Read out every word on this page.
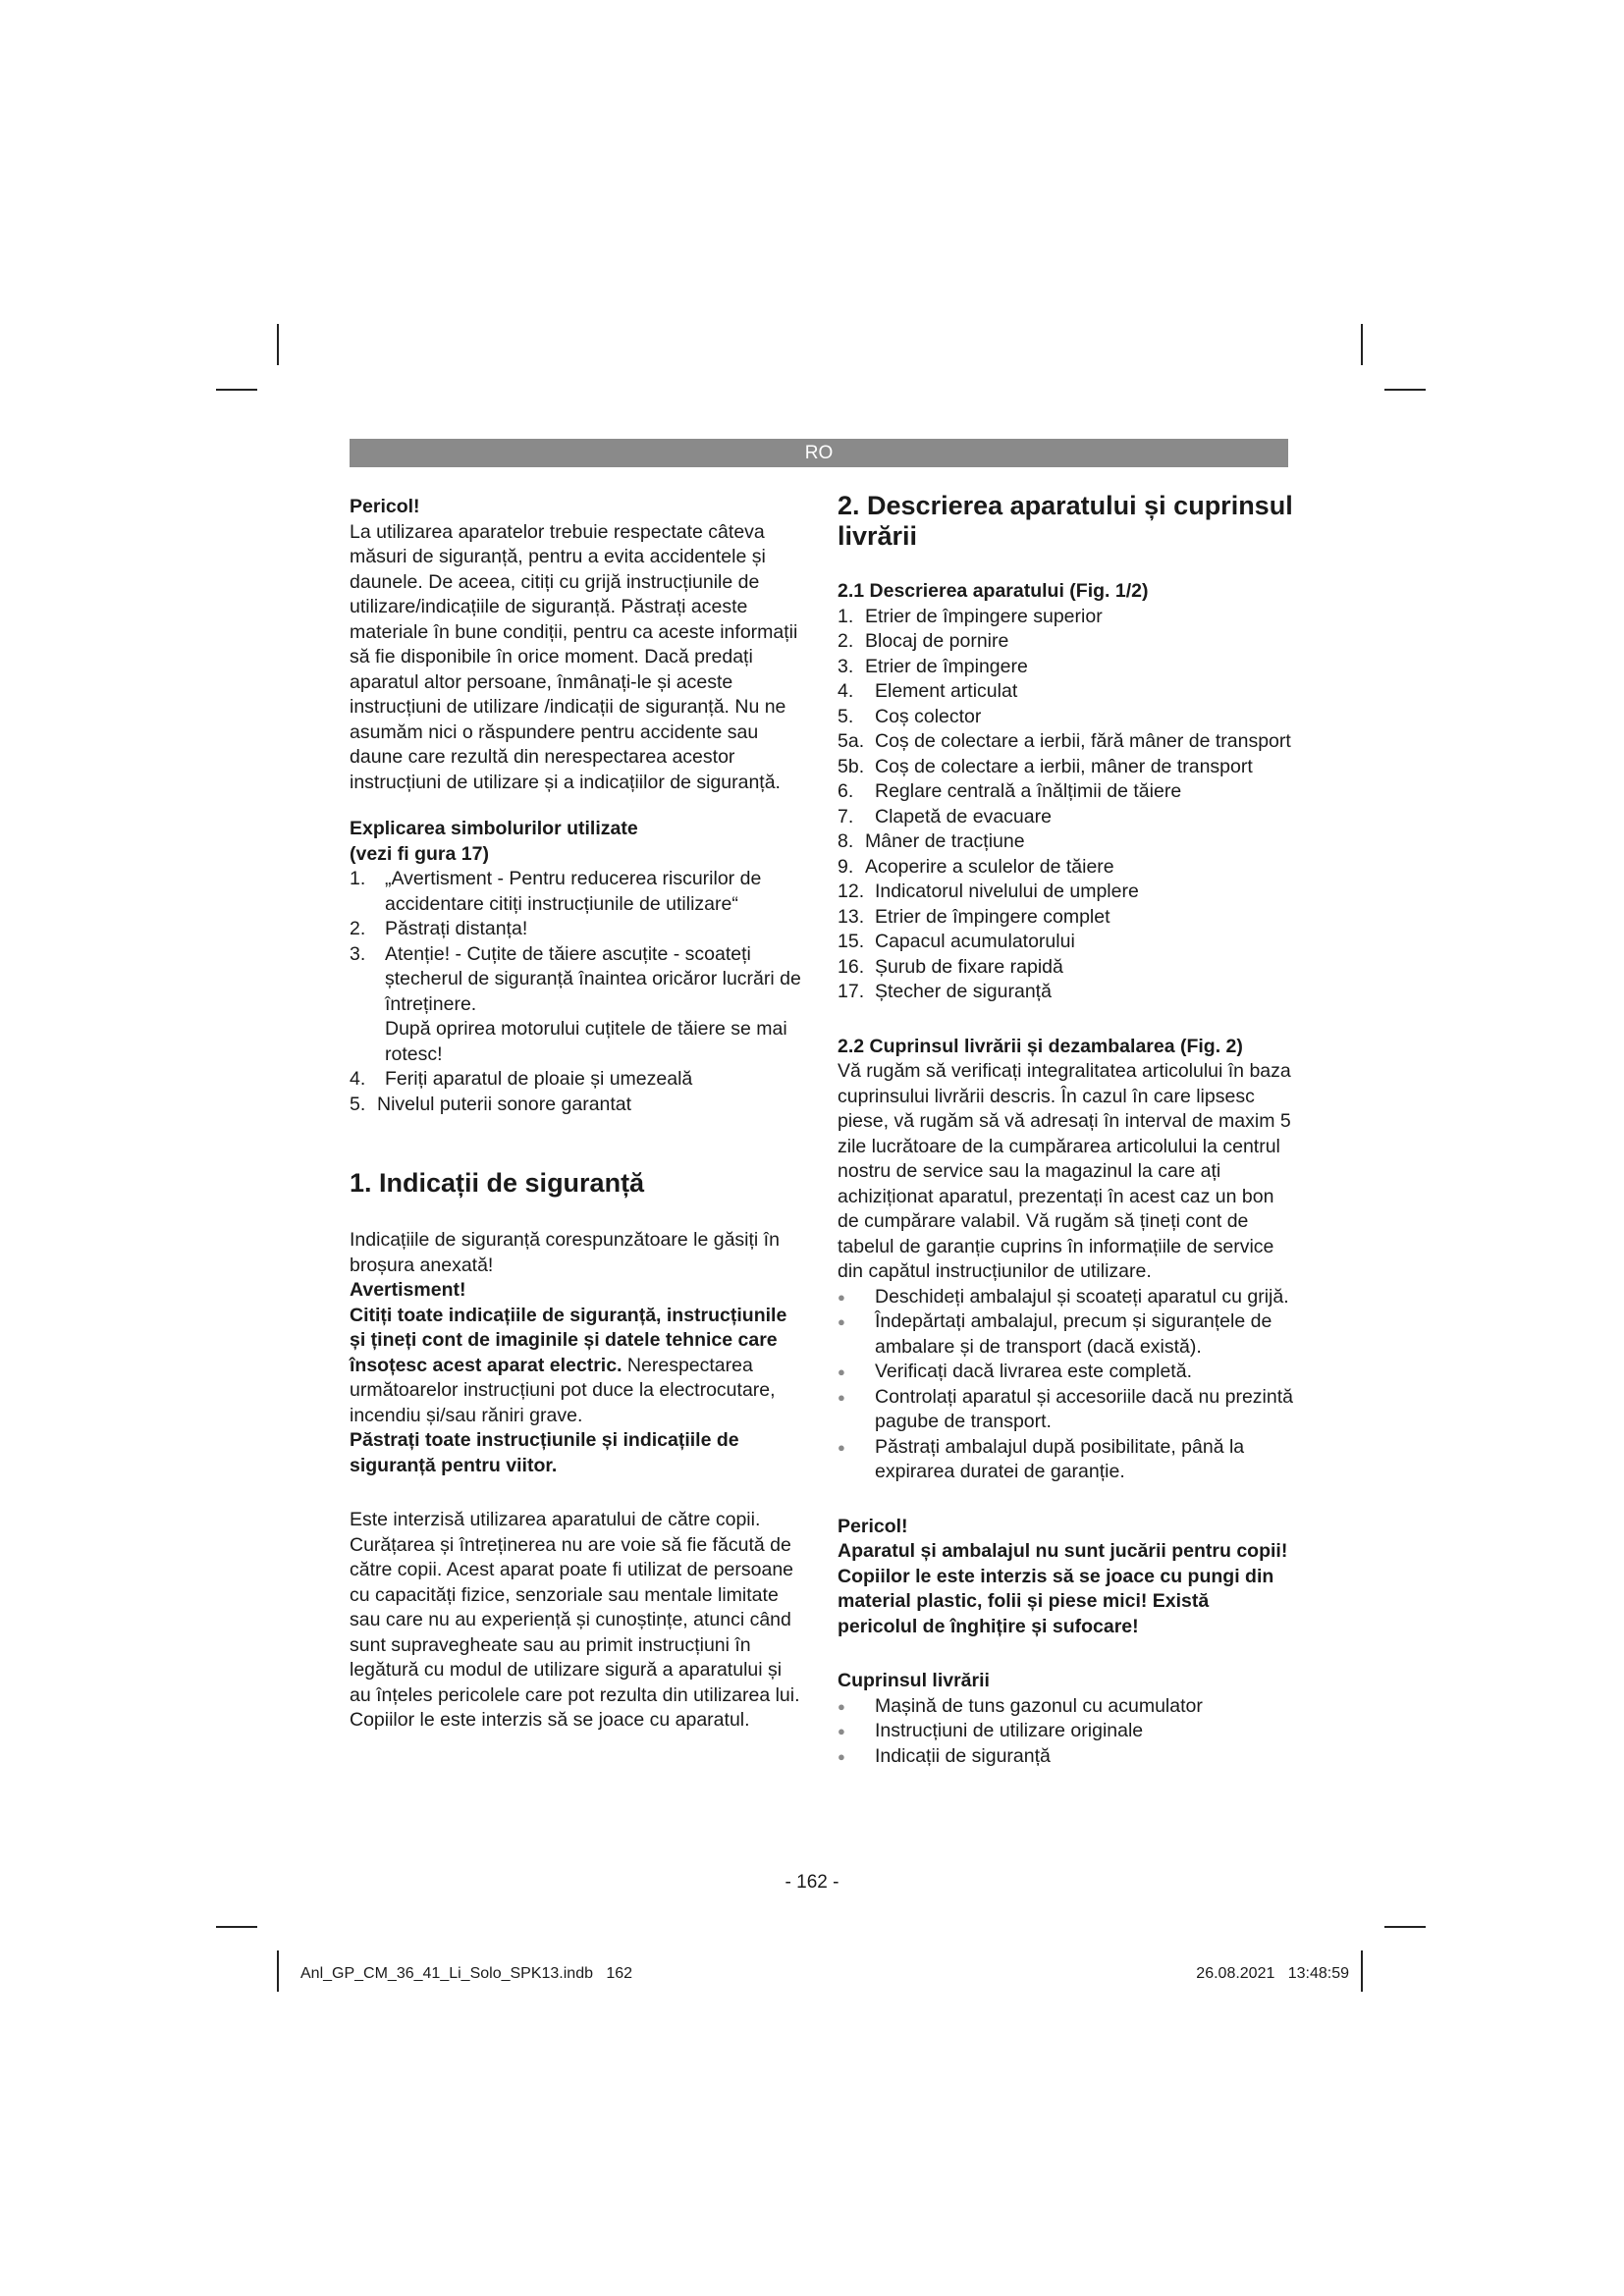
RO

Pericol!

La utilizarea aparatelor trebuie respectate câteva măsuri de siguranță, pentru a evita accidentele și daunele. De aceea, citiți cu grijă instrucțiunile de utilizare/indicațiile de siguranță. Păstrați aceste materiale în bune condiții, pentru ca aceste informații să fie disponibile în orice moment. Dacă predați aparatul altor persoane, înmânați-le și aceste instrucțiuni de utilizare /indicații de siguranță. Nu ne asumăm nici o răspundere pentru accidente sau daune care rezultă din nerespectarea acestor instrucțiuni de utilizare și a indicațiilor de siguranță.

Explicarea simbolurilor utilizate

(vezi fi gura 17)

1. „Avertisment - Pentru reducerea riscurilor de accidentare citiți instrucțiunile de utilizare“
2. Păstrați distanța!
3. Atenție! - Cuțite de tăiere ascuțite - scoateți ștecherul de siguranță înaintea oricăror lucrări de întreținere.
După oprirea motorului cuțitele de tăiere se mai rotesc!
4. Feriți aparatul de ploaie și umezeală
5. Nivelul puterii sonore garantat
1. Indicații de siguranță

Indicațiile de siguranță corespunzătoare le găsiți în broșura anexată!

Avertisment!

Citiți toate indicațiile de siguranță, instrucțiunile și țineți cont de imaginile și datele tehnice care însoțesc acest aparat electric. Nerespectarea următoarelor instrucțiuni pot duce la electrocutare, incendiu și/sau răniri grave.

Păstrați toate instrucțiunile și indicațiile de siguranță pentru viitor.

Este interzisă utilizarea aparatului de către copii. Curățarea și întreținerea nu are voie să fie făcută de către copii. Acest aparat poate fi utilizat de persoane cu capacități fizice, senzoriale sau mentale limitate sau care nu au experiență și cunoștințe, atunci când sunt supravegheate sau au primit instrucțiuni în legătură cu modul de utilizare sigură a aparatului și au înțeles pericolele care pot rezulta din utilizarea lui. Copiilor le este interzis să se joace cu aparatul.

2. Descrierea aparatului și cuprinsul livrării

2.1 Descrierea aparatului (Fig. 1/2)

1. Etrier de împingere superior
2. Blocaj de pornire
3. Etrier de împingere
4. Element articulat
5. Coș colector
5a. Coș de colectare a ierbii, fără mâner de transport
5b. Coș de colectare a ierbii, mâner de transport
6. Reglare centrală a înălțimii de tăiere
7. Clapetă de evacuare
8. Mâner de tracțiune
9. Acoperire a sculelor de tăiere
12. Indicatorul nivelului de umplere
13. Etrier de împingere complet
15. Capacul acumulatorului
16. Șurub de fixare rapidă
17. Ștecher de siguranță

2.2 Cuprinsul livrării și dezambalarea (Fig. 2)

Vă rugăm să verificați integralitatea articolului în baza cuprinsului livrării descris. În cazul în care lipsesc piese, vă rugăm să vă adresați în interval de maxim 5 zile lucrătoare de la cumpărarea articolului la centrul nostru de service sau la magazinul la care ați achiziționat aparatul, prezentați în acest caz un bon de cumpărare valabil. Vă rugăm să țineți cont de tabelul de garanție cuprins în informațiile de service din capătul instrucțiunilor de utilizare.

● Deschideți ambalajul și scoateți aparatul cu grijă.
● Îndepărtați ambalajul, precum și siguranțele de ambalare și de transport (dacă există).
● Verificați dacă livrarea este completă.
● Controlați aparatul și accesoriile dacă nu prezintă pagube de transport.
● Păstrați ambalajul după posibilitate, până la expirarea duratei de garanție.

Pericol!

Aparatul și ambalajul nu sunt jucării pentru copii! Copiilor le este interzis să se joace cu pungi din material plastic, folii și piese mici! Există pericolul de înghițire și sufocare!

Cuprinsul livrării

● Mașină de tuns gazonul cu acumulator
● Instrucțiuni de utilizare originale
● Indicații de siguranță
- 162 -
Anl_GP_CM_36_41_Li_Solo_SPK13.indb   162	26.08.2021   13:48:59
